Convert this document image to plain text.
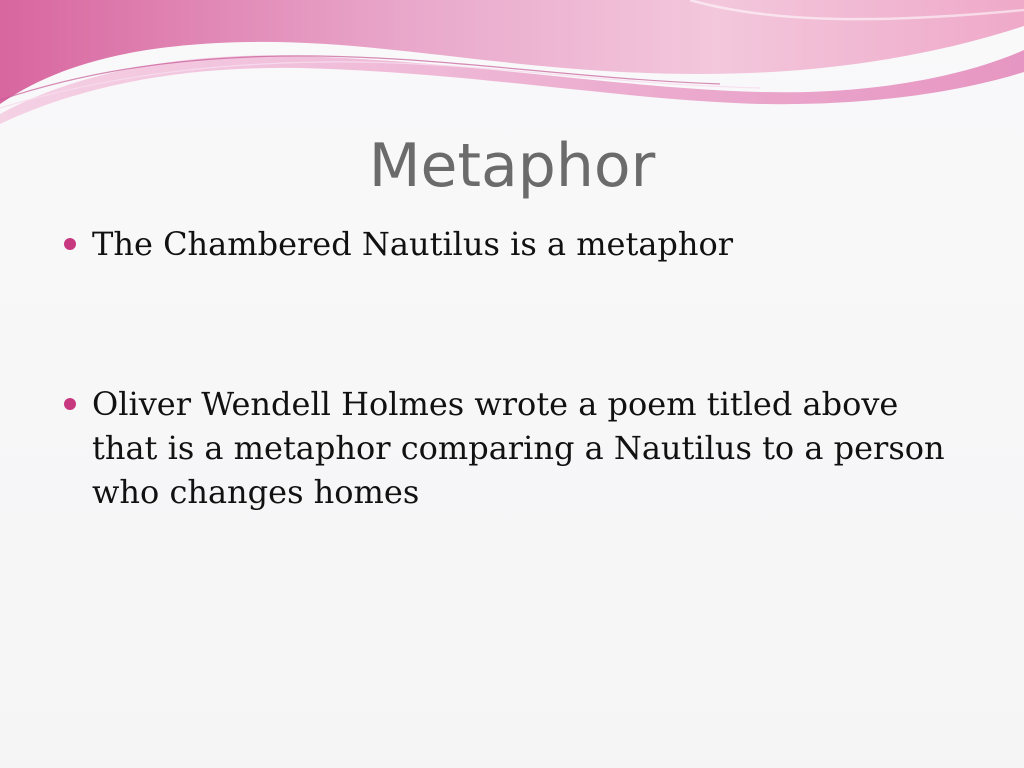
Metaphor
The Chambered Nautilus is a metaphor
Oliver Wendell Holmes wrote a poem titled above that is a metaphor comparing a Nautilus to a person who changes homes
